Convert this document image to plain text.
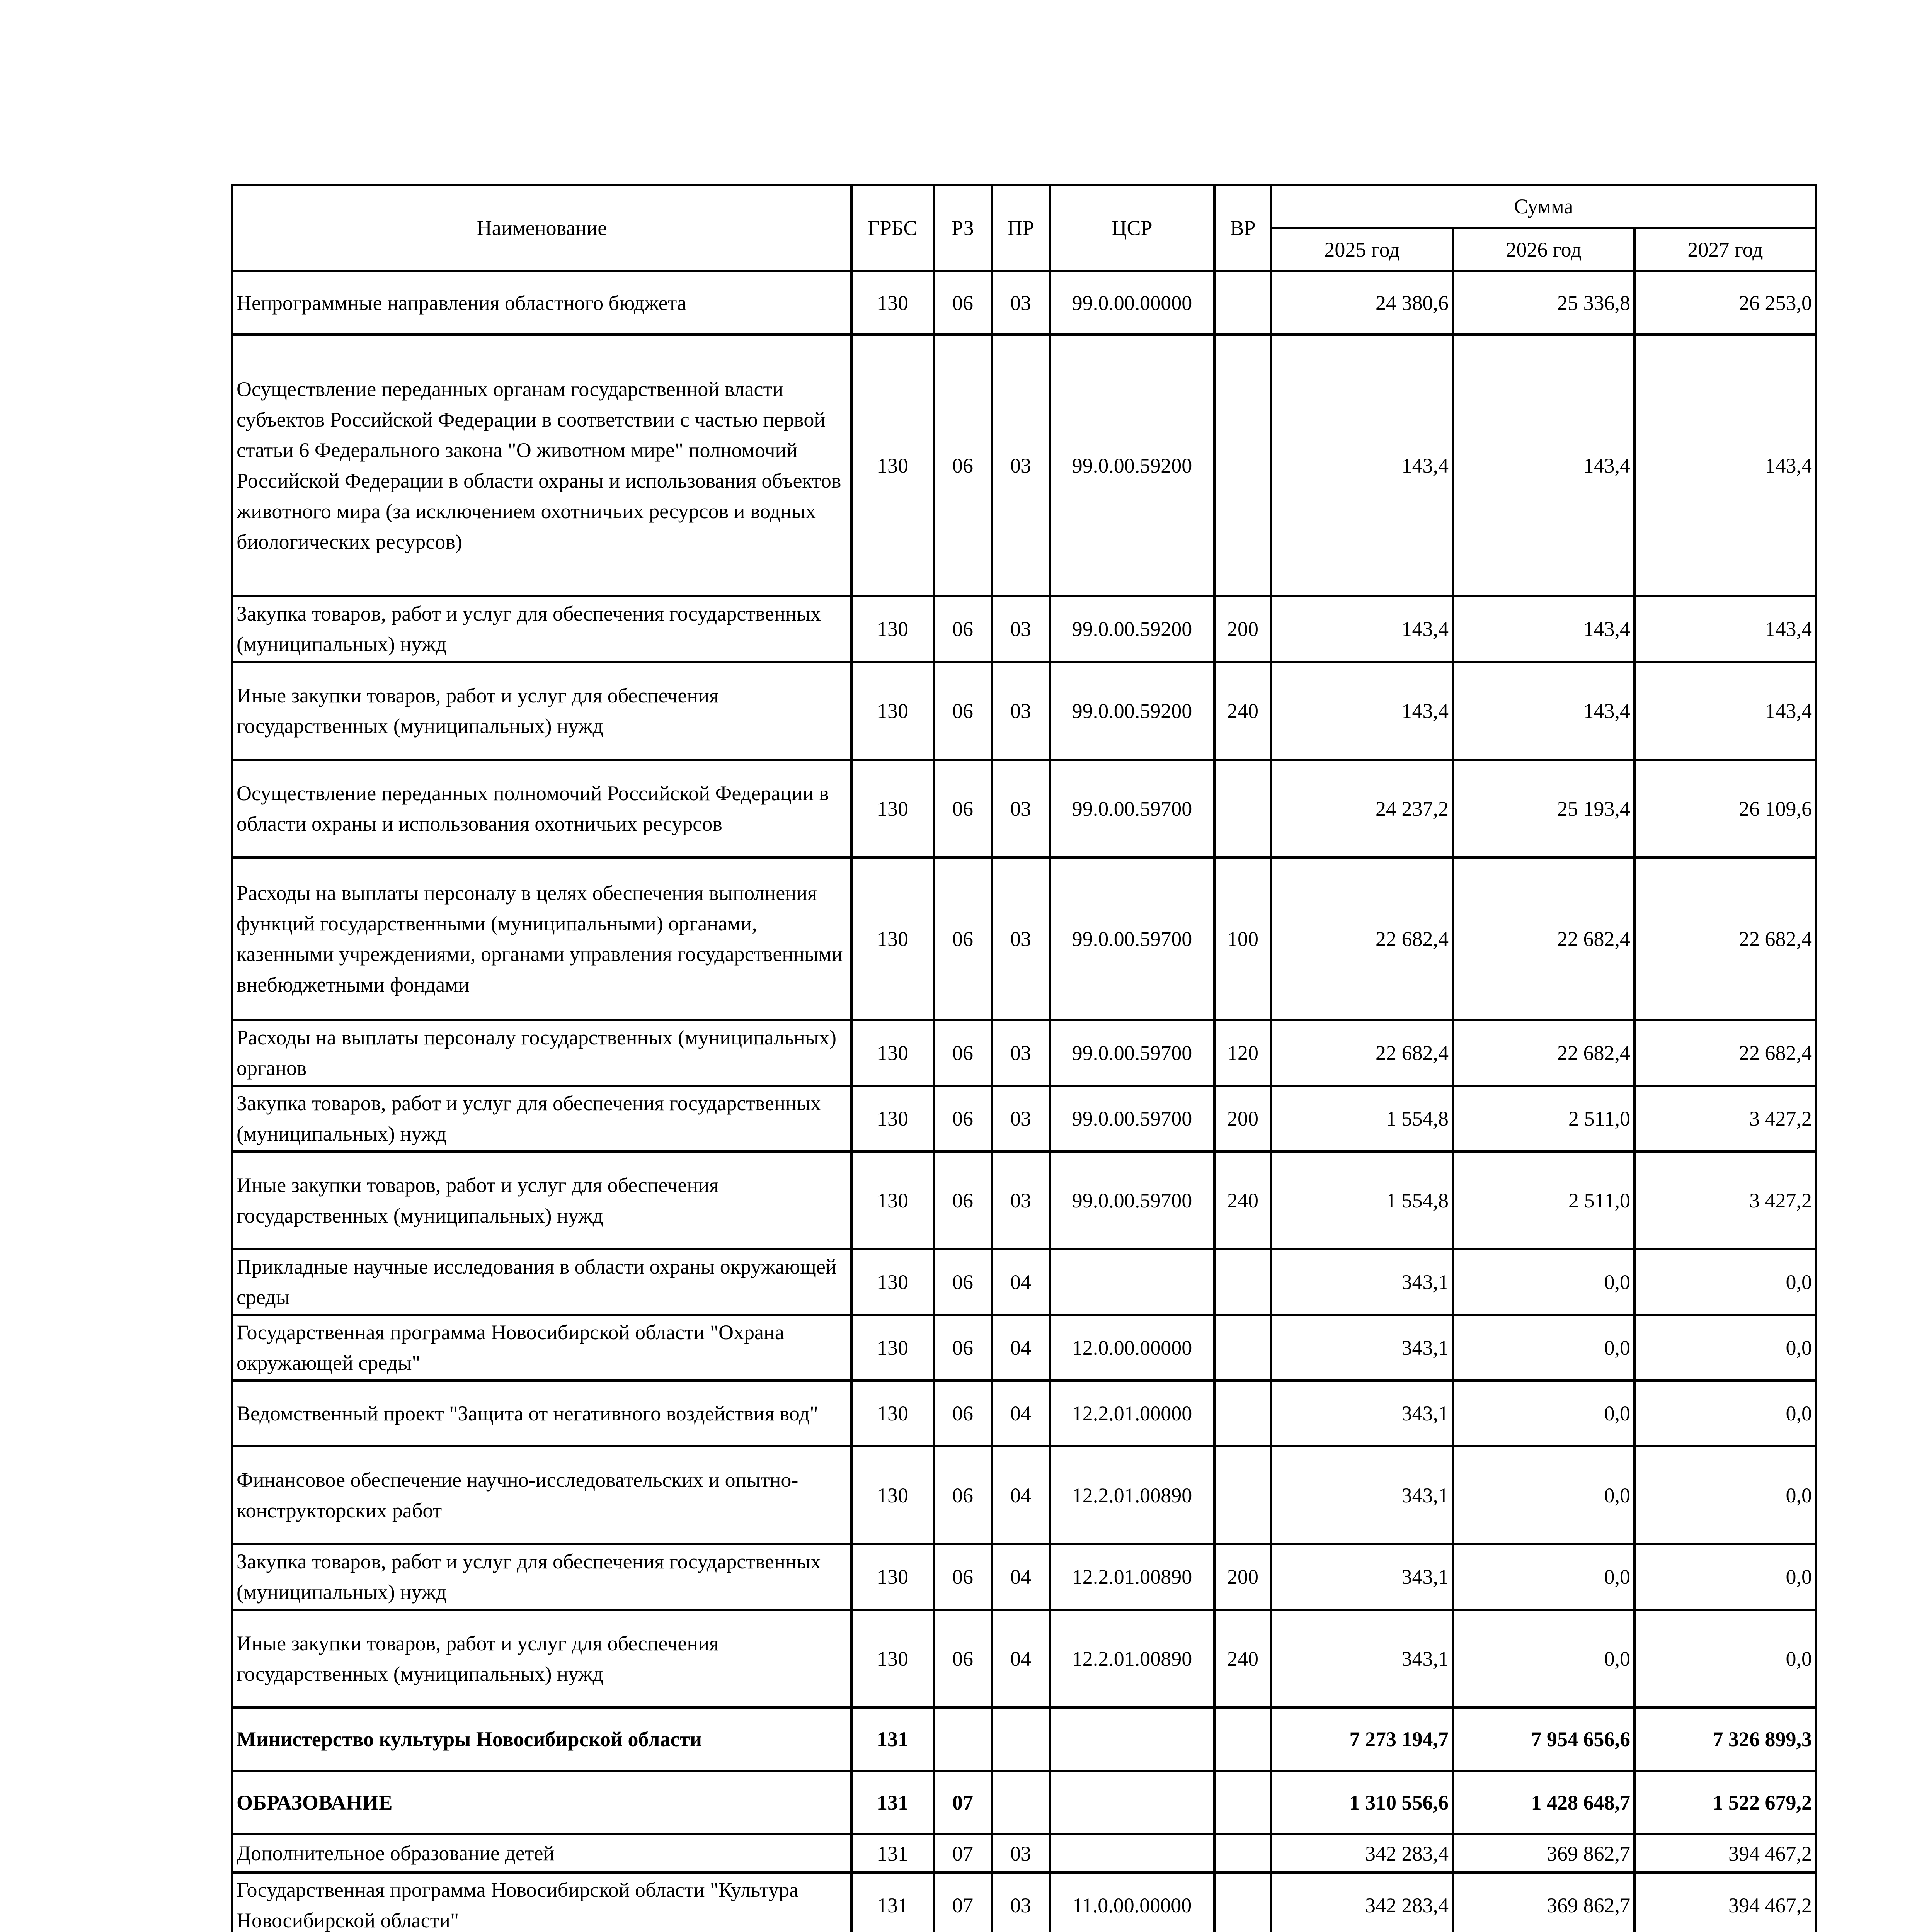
Наименование	ГРБС	РЗ	ПР	ЦСР	ВР	Сумма		
						2025 год	2026 год	2027 год
Непрограммные направления областного бюджета	130	06	03	99.0.00.00000		24 380,6	25 336,8	26 253,0
Осуществление переданных органам государственной власти субъектов Российской Федерации в соответствии с частью первой статьи 6 Федерального закона "О животном мире" полномочий Российской Федерации в области охраны и использования объектов животного мира (за исключением охотничьих ресурсов и водных биологических ресурсов)	130	06	03	99.0.00.59200		143,4	143,4	143,4
Закупка товаров, работ и услуг для обеспечения государственных (муниципальных) нужд	130	06	03	99.0.00.59200	200	143,4	143,4	143,4
Иные закупки товаров, работ и услуг для обеспечения государственных (муниципальных) нужд	130	06	03	99.0.00.59200	240	143,4	143,4	143,4
Осуществление переданных полномочий Российской Федерации в области охраны и использования охотничьих ресурсов	130	06	03	99.0.00.59700		24 237,2	25 193,4	26 109,6
Расходы на выплаты персоналу в целях обеспечения выполнения функций государственными (муниципальными) органами, казенными учреждениями, органами управления государственными внебюджетными фондами	130	06	03	99.0.00.59700	100	22 682,4	22 682,4	22 682,4
Расходы на выплаты персоналу государственных (муниципальных) органов	130	06	03	99.0.00.59700	120	22 682,4	22 682,4	22 682,4
Закупка товаров, работ и услуг для обеспечения государственных (муниципальных) нужд	130	06	03	99.0.00.59700	200	1 554,8	2 511,0	3 427,2
Иные закупки товаров, работ и услуг для обеспечения государственных (муниципальных) нужд	130	06	03	99.0.00.59700	240	1 554,8	2 511,0	3 427,2
Прикладные научные исследования в области охраны окружающей среды	130	06	04			343,1	0,0	0,0
Государственная программа Новосибирской области "Охрана окружающей среды"	130	06	04	12.0.00.00000		343,1	0,0	0,0
Ведомственный проект "Защита от негативного воздействия вод"	130	06	04	12.2.01.00000		343,1	0,0	0,0
Финансовое обеспечение научно-исследовательских и опытно-конструкторских работ	130	06	04	12.2.01.00890		343,1	0,0	0,0
Закупка товаров, работ и услуг для обеспечения государственных (муниципальных) нужд	130	06	04	12.2.01.00890	200	343,1	0,0	0,0
Иные закупки товаров, работ и услуг для обеспечения государственных (муниципальных) нужд	130	06	04	12.2.01.00890	240	343,1	0,0	0,0
Министерство культуры Новосибирской области	131					7 273 194,7	7 954 656,6	7 326 899,3
ОБРАЗОВАНИЕ	131	07				1 310 556,6	1 428 648,7	1 522 679,2
Дополнительное образование детей	131	07	03			342 283,4	369 862,7	394 467,2
Государственная программа Новосибирской области "Культура Новосибирской области"	131	07	03	11.0.00.00000		342 283,4	369 862,7	394 467,2
